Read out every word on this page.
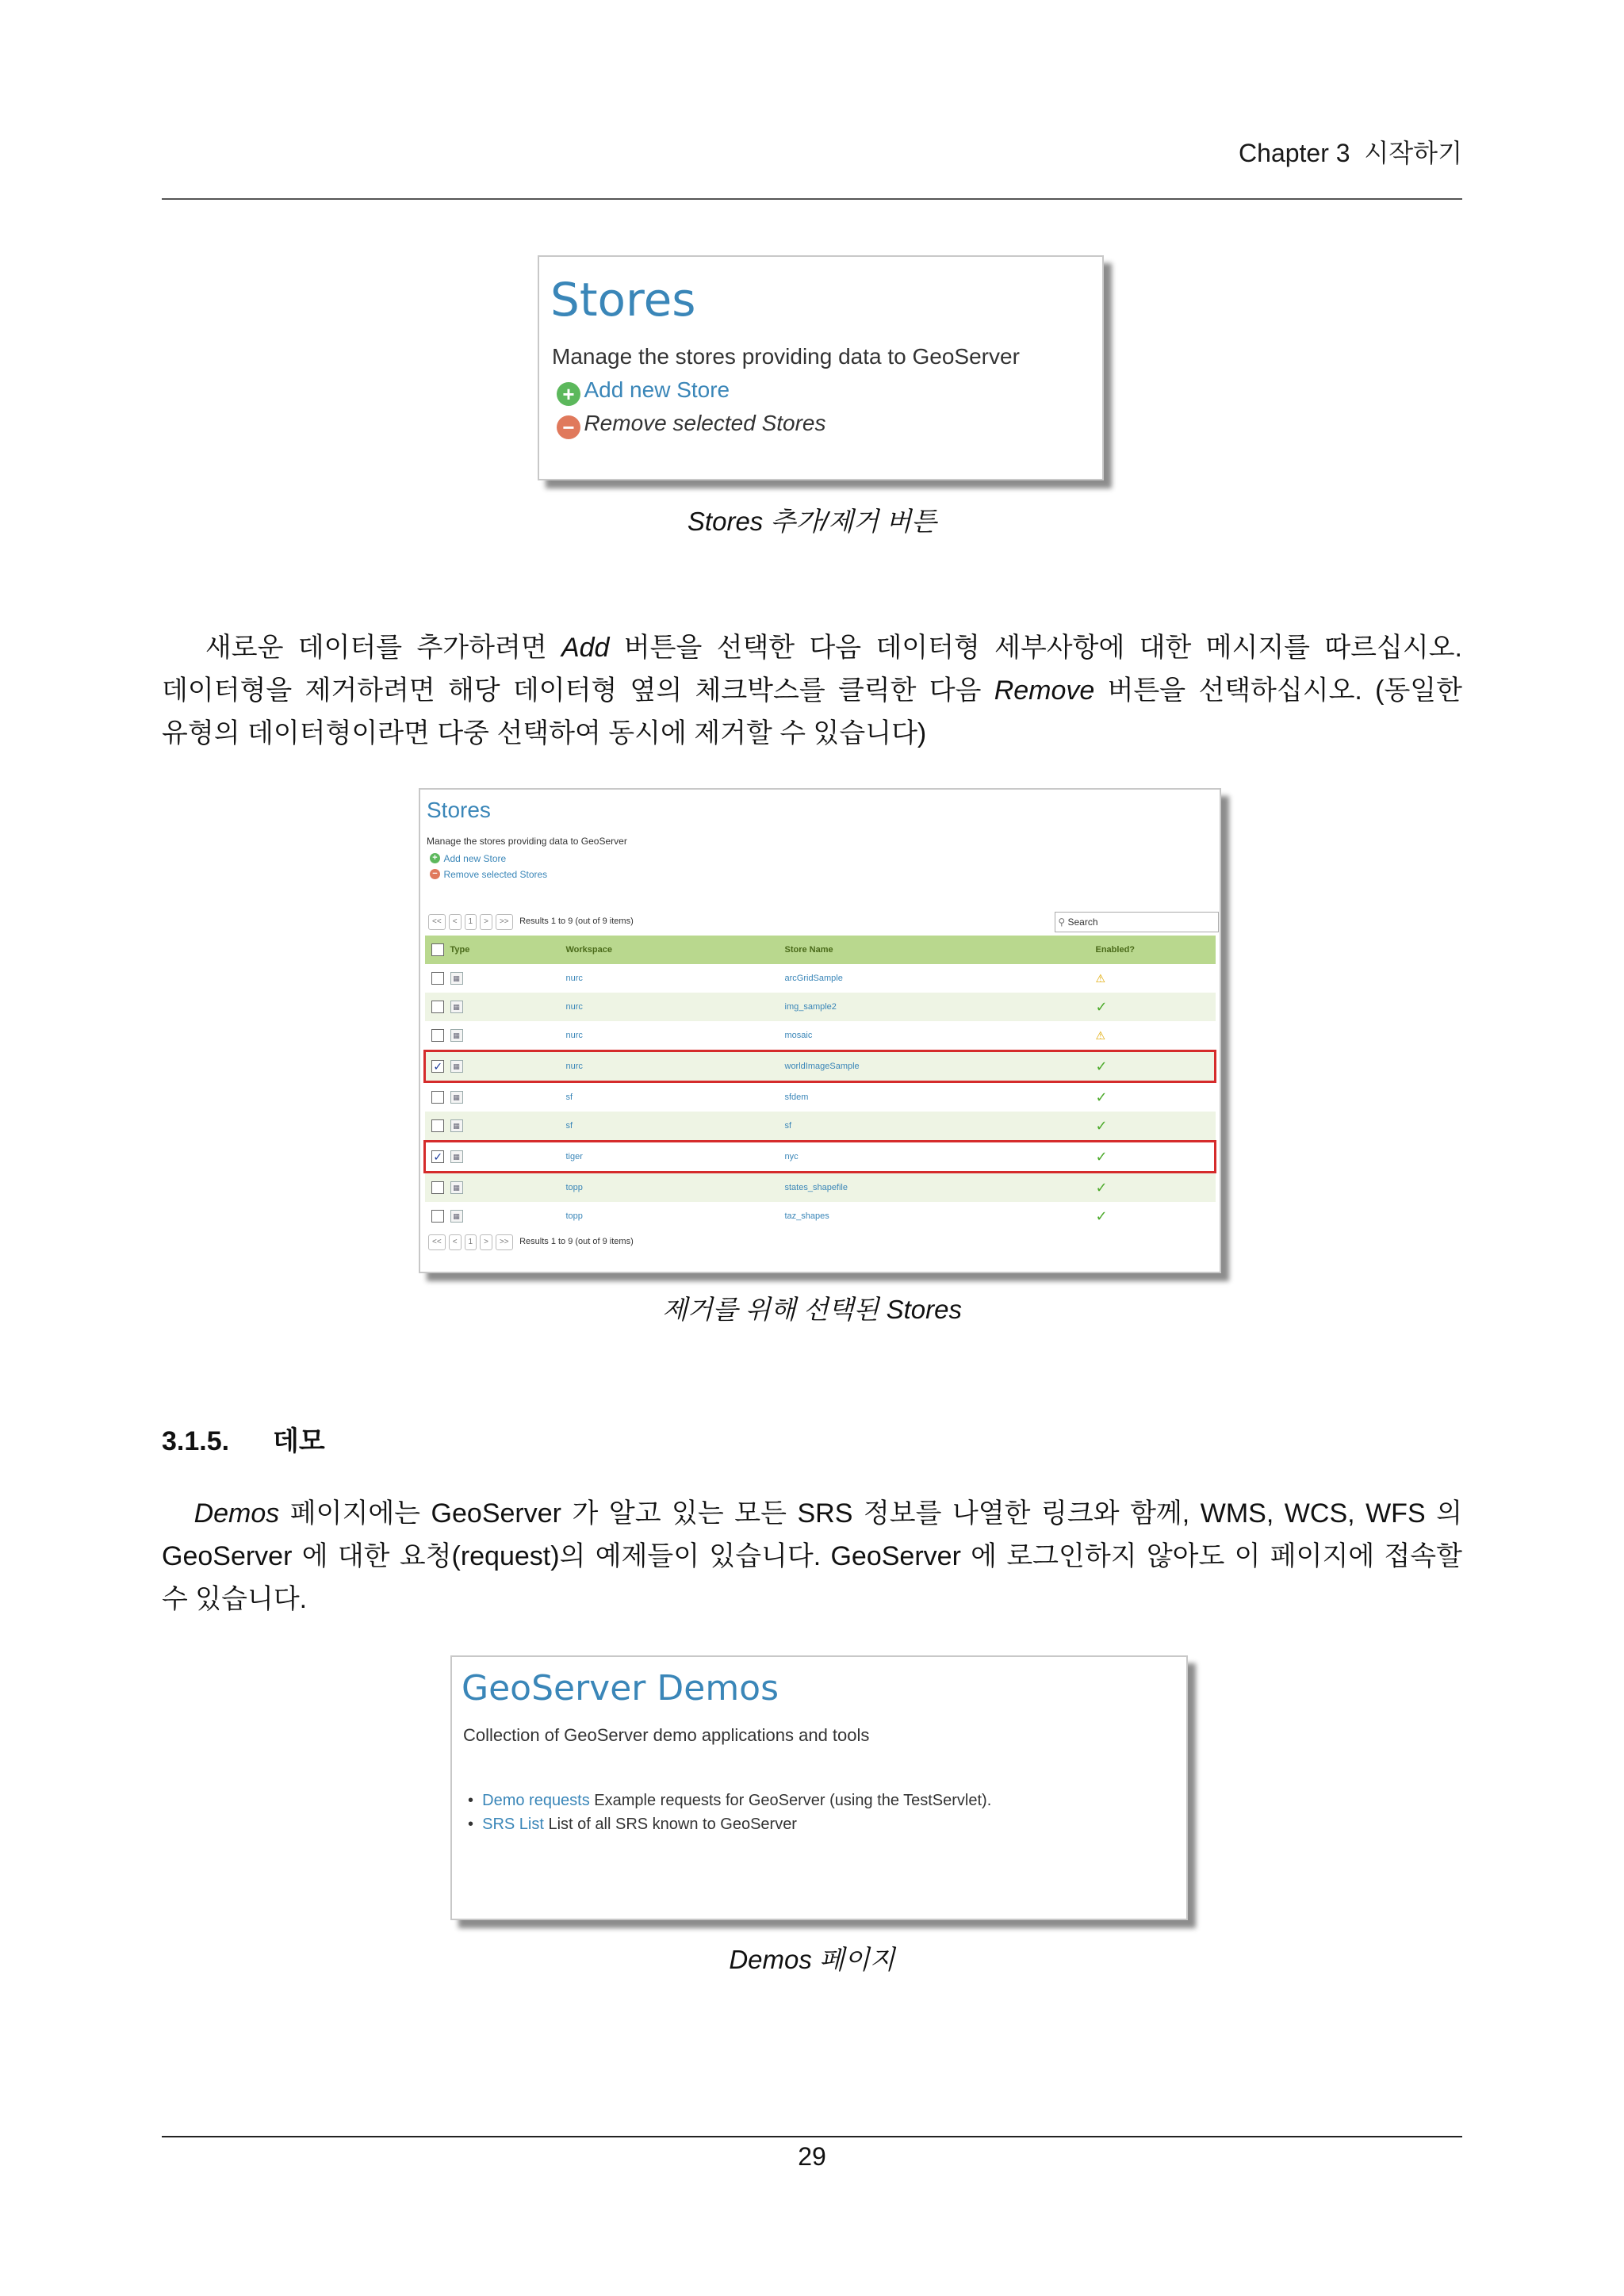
Chapter 3 시작하기
Stores
Manage the stores providing data to GeoServer
+ Add new Store
− Remove selected Stores
Stores 추가/제거 버튼
새로운 데이터를 추가하려면 Add 버튼을 선택한 다음 데이터형 세부사항에 대한 메시지를 따르십시오.
데이터형을 제거하려면 해당 데이터형 옆의 체크박스를 클릭한 다음 Remove 버튼을 선택하십시오. (동일한
유형의 데이터형이라면 다중 선택하여 동시에 제거할 수 있습니다)
Stores
Manage the stores providing data to GeoServer
+ Add new Store
− Remove selected Stores
<< < 1 > >> Results 1 to 9 (out of 9 items)	⚲ Search
	Type	Workspace	Store Name	Enabled?
	▦	nurc	arcGridSample	⚠
	▦	nurc	img_sample2	✓
	▦	nurc	mosaic	⚠
✓	▦	nurc	worldImageSample	✓
	▦	sf	sfdem	✓
	▦	sf	sf	✓
✓	▦	tiger	nyc	✓
	▦	topp	states_shapefile	✓
	▦	topp	taz_shapes	✓
<< < 1 > >> Results 1 to 9 (out of 9 items)
제거를 위해 선택된 Stores
3.1.5. 데모
Demos 페이지에는 GeoServer 가 알고 있는 모든 SRS 정보를 나열한 링크와 함께, WMS, WCS, WFS 의
GeoServer 에 대한 요청(request)의 예제들이 있습니다. GeoServer 에 로그인하지 않아도 이 페이지에 접속할
수 있습니다.
GeoServer Demos
Collection of GeoServer demo applications and tools
•  Demo requests Example requests for GeoServer (using the TestServlet).
•  SRS List List of all SRS known to GeoServer
Demos 페이지
29
